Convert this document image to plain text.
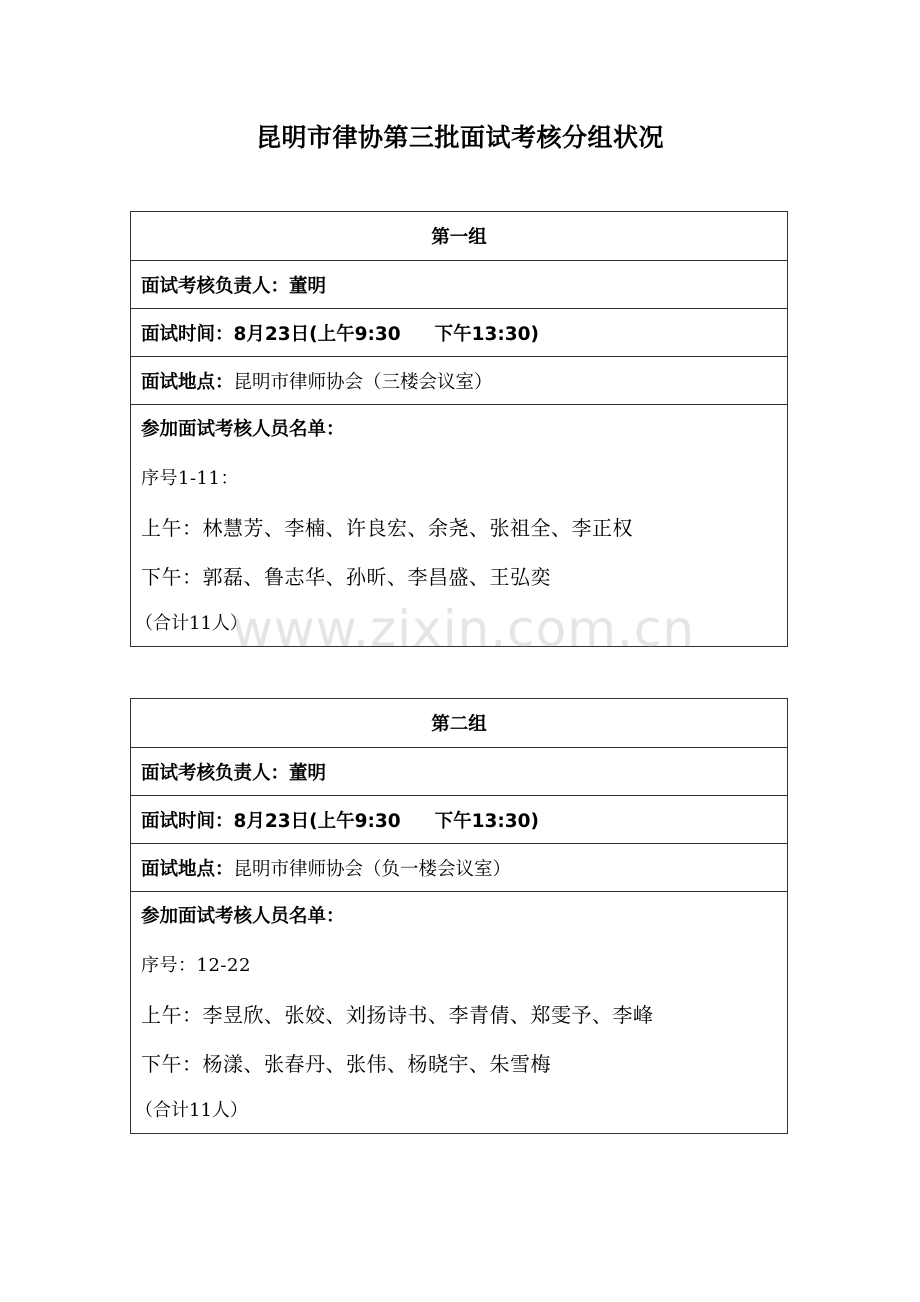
昆明市律协第三批面试考核分组状况
第一组
面试考核负责人： 董明
面试时间： 8月23日(上午9:30 下午13:30)
面试地点： 昆明市律师协会（三楼会议室）
参加面试考核人员名单：
序号1-11：
上午：林慧芳、李楠、许良宏、余尧、张祖全、李正权
下午：郭磊、鲁志华、孙昕、李昌盛、王弘奕
（合计11人）
第二组
面试考核负责人： 董明
面试时间： 8月23日(上午9:30 下午13:30)
面试地点： 昆明市律师协会（负一楼会议室）
参加面试考核人员名单：
序号：12-22
上午：李昱欣、张姣、刘扬诗书、李青倩、郑雯予、李峰
下午：杨漾、张春丹、张伟、杨晓宇、朱雪梅
（合计11人）
www.zixin.com.cn
